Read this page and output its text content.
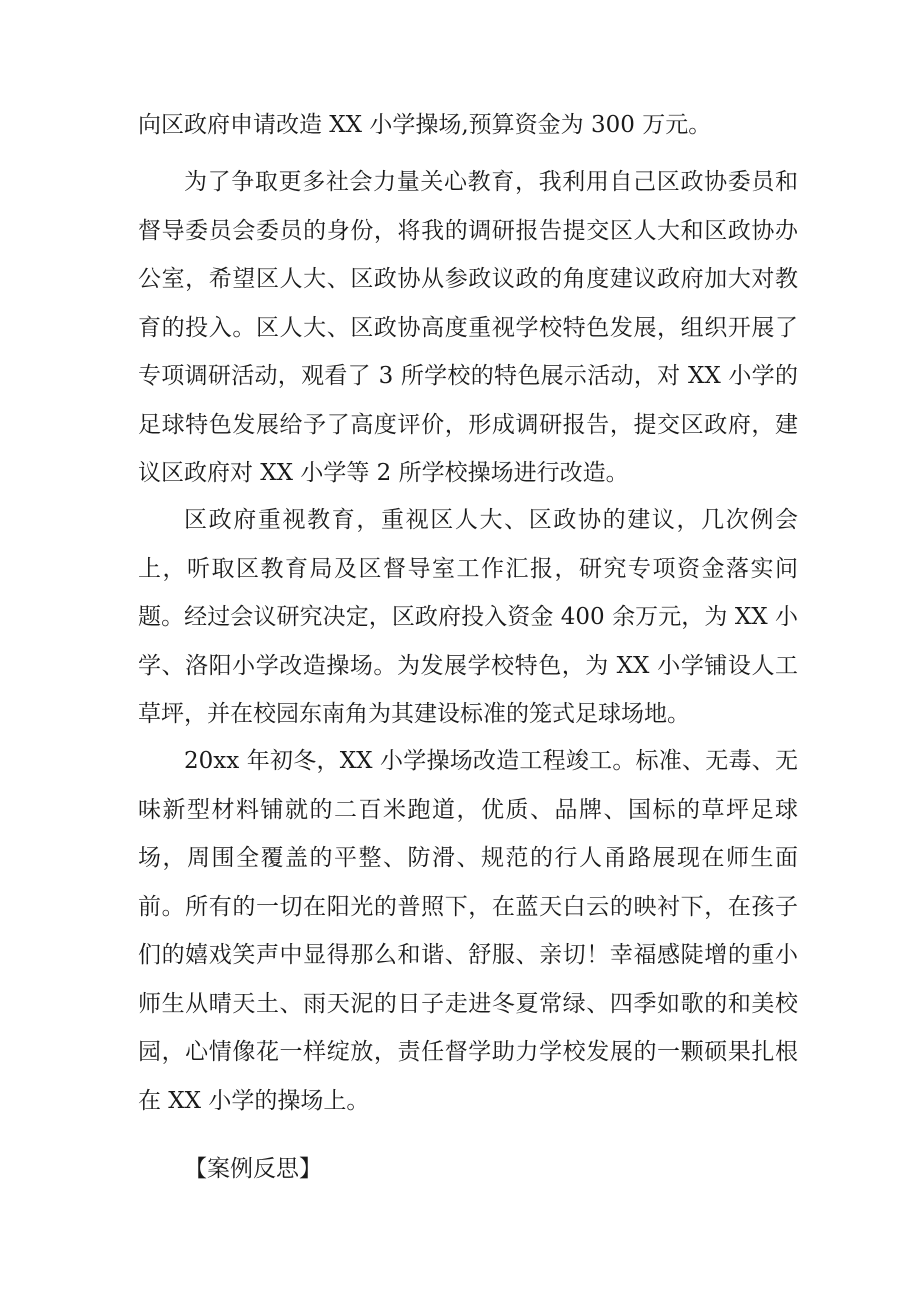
向区政府申请改造 XX 小学操场,预算资金为 300 万元。

为了争取更多社会力量关心教育，我利用自己区政协委员和督导委员会委员的身份，将我的调研报告提交区人大和区政协办公室，希望区人大、区政协从参政议政的角度建议政府加大对教育的投入。区人大、区政协高度重视学校特色发展，组织开展了专项调研活动，观看了 3 所学校的特色展示活动，对 XX 小学的足球特色发展给予了高度评价，形成调研报告，提交区政府，建议区政府对 XX 小学等 2 所学校操场进行改造。

区政府重视教育，重视区人大、区政协的建议，几次例会上，听取区教育局及区督导室工作汇报，研究专项资金落实问题。经过会议研究决定，区政府投入资金 400 余万元，为 XX 小学、洛阳小学改造操场。为发展学校特色，为 XX 小学铺设人工草坪，并在校园东南角为其建设标准的笼式足球场地。

20xx 年初冬，XX 小学操场改造工程竣工。标准、无毒、无味新型材料铺就的二百米跑道，优质、品牌、国标的草坪足球场，周围全覆盖的平整、防滑、规范的行人甬路展现在师生面前。所有的一切在阳光的普照下，在蓝天白云的映衬下，在孩子们的嬉戏笑声中显得那么和谐、舒服、亲切！幸福感陡增的重小师生从晴天土、雨天泥的日子走进冬夏常绿、四季如歌的和美校园，心情像花一样绽放，责任督学助力学校发展的一颗硕果扎根在 XX 小学的操场上。

【案例反思】
